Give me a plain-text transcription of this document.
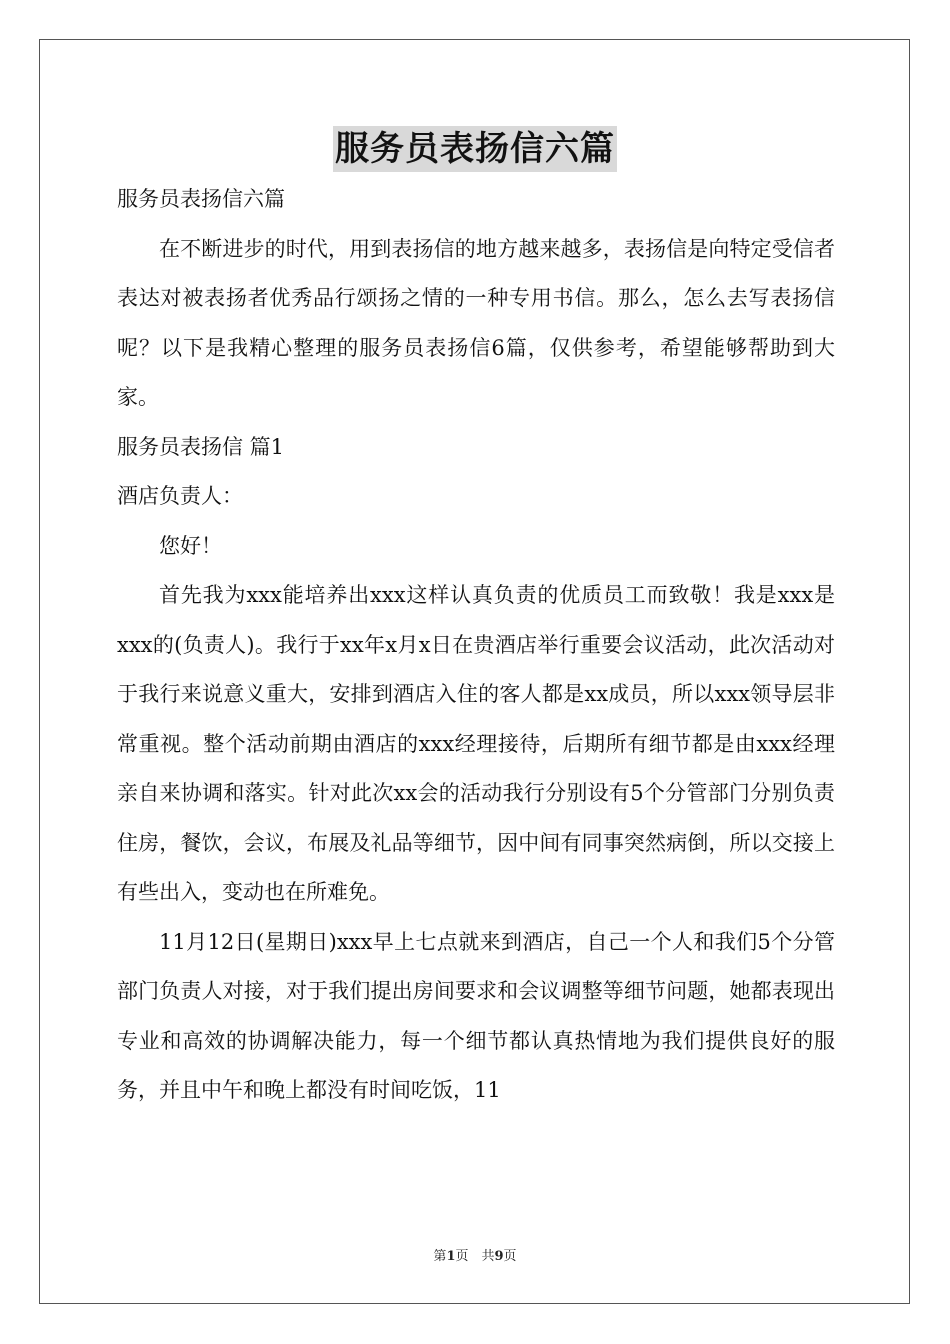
服务员表扬信六篇

服务员表扬信六篇

在不断进步的时代，用到表扬信的地方越来越多，表扬信是向特定受信者表达对被表扬者优秀品行颂扬之情的一种专用书信。那么，怎么去写表扬信呢？以下是我精心整理的服务员表扬信6篇，仅供参考，希望能够帮助到大家。

服务员表扬信 篇1

酒店负责人：

您好！

首先我为xxx能培养出xxx这样认真负责的优质员工而致敬！我是xxx是xxx的(负责人)。我行于xx年x月x日在贵酒店举行重要会议活动，此次活动对于我行来说意义重大，安排到酒店入住的客人都是xx成员，所以xxx领导层非常重视。整个活动前期由酒店的xxx经理接待，后期所有细节都是由xxx经理亲自来协调和落实。针对此次xx会的活动我行分别设有5个分管部门分别负责住房，餐饮，会议，布展及礼品等细节，因中间有同事突然病倒，所以交接上有些出入，变动也在所难免。

11月12日(星期日)xxx早上七点就来到酒店，自己一个人和我们5个分管部门负责人对接，对于我们提出房间要求和会议调整等细节问题，她都表现出专业和高效的协调解决能力，每一个细节都认真热情地为我们提供良好的服务，并且中午和晚上都没有时间吃饭，11

第1页　共9页
